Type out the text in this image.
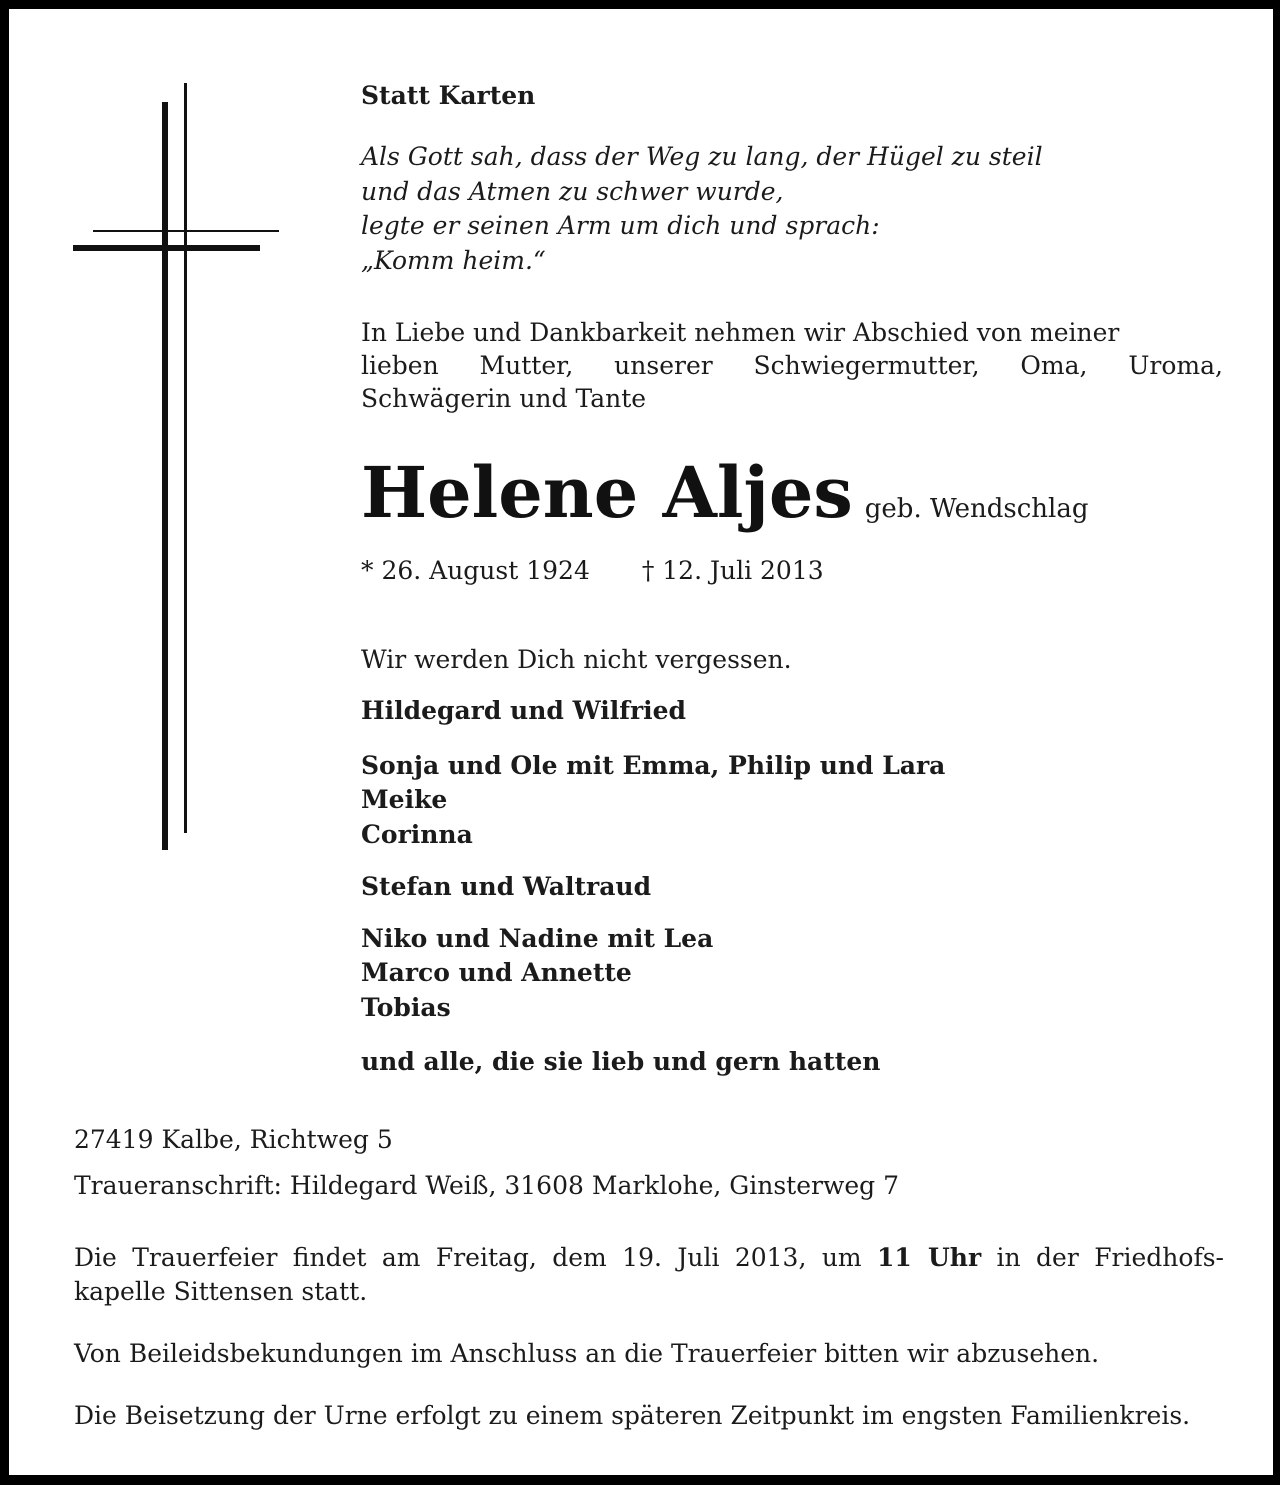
Statt Karten
Als Gott sah, dass der Weg zu lang, der Hügel zu steil
und das Atmen zu schwer wurde,
legte er seinen Arm um dich und sprach:
„Komm heim.“
In Liebe und Dankbarkeit nehmen wir Abschied von meiner

lieben Mutter, unserer Schwiegermutter, Oma, Uroma,
Schwägerin und Tante
Helene Aljes geb. Wendschlag
* 26. August 1924 † 12. Juli 2013
Wir werden Dich nicht vergessen.
Hildegard und Wilfried
Sonja und Ole mit Emma, Philip und Lara
Meike
Corinna
Stefan und Waltraud
Niko und Nadine mit Lea
Marco und Annette
Tobias
und alle, die sie lieb und gern hatten
27419 Kalbe, Richtweg 5
Traueranschrift: Hildegard Weiß, 31608 Marklohe, Ginsterweg 7
Die Trauerfeier findet am Freitag, dem 19. Juli 2013, um 11 Uhr in der Friedhofs-
kapelle Sittensen statt.
Von Beileidsbekundungen im Anschluss an die Trauerfeier bitten wir abzusehen.
Die Beisetzung der Urne erfolgt zu einem späteren Zeitpunkt im engsten Familienkreis.
